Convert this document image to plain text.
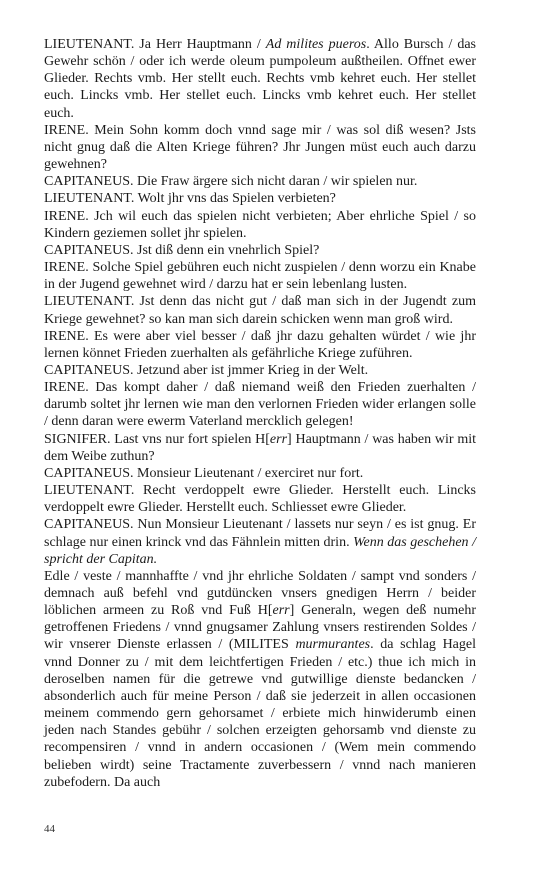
LIEUTENANT. Ja Herr Hauptmann / Ad milites pueros. Allo Bursch / das Gewehr schön / oder ich werde oleum pumpoleum außtheilen. Offnet ewer Glieder. Rechts vmb. Her stellt euch. Rechts vmb kehret euch. Her stellet euch. Lincks vmb. Her stellet euch. Lincks vmb kehret euch. Her stellet euch.

IRENE. Mein Sohn komm doch vnnd sage mir / was sol diß wesen? Jsts nicht gnug daß die Alten Kriege führen? Jhr Jungen müst euch auch darzu gewehnen?

CAPITANEUS. Die Fraw ärgere sich nicht daran / wir spielen nur.

LIEUTENANT. Wolt jhr vns das Spielen verbieten?

IRENE. Jch wil euch das spielen nicht verbieten; Aber ehrliche Spiel / so Kindern geziemen sollet jhr spielen.

CAPITANEUS. Jst diß denn ein vnehrlich Spiel?

IRENE. Solche Spiel gebühren euch nicht zuspielen / denn worzu ein Knabe in der Jugend gewehnet wird / darzu hat er sein lebenlang lusten.

LIEUTENANT. Jst denn das nicht gut / daß man sich in der Jugendt zum Kriege gewehnet? so kan man sich darein schicken wenn man groß wird.

IRENE. Es were aber viel besser / daß jhr dazu gehalten würdet / wie jhr lernen könnet Frieden zuerhalten als gefährliche Kriege zuführen.

CAPITANEUS. Jetzund aber ist jmmer Krieg in der Welt.

IRENE. Das kompt daher / daß niemand weiß den Frieden zuerhalten / darumb soltet jhr lernen wie man den verlornen Frieden wider erlangen solle / denn daran were ewerm Vaterland mercklich gelegen!

SIGNIFER. Last vns nur fort spielen H[err] Hauptmann / was haben wir mit dem Weibe zuthun?

CAPITANEUS. Monsieur Lieutenant / exerciret nur fort.

LIEUTENANT. Recht verdoppelt ewre Glieder. Herstellt euch. Lincks verdoppelt ewre Glieder. Herstellt euch. Schliesset ewre Glieder.

CAPITANEUS. Nun Monsieur Lieutenant / lassets nur seyn / es ist gnug. Er schlage nur einen krinck vnd das Fähnlein mitten drin. Wenn das geschehen / spricht der Capitan.

Edle / veste / mannhaffte / vnd jhr ehrliche Soldaten / sampt vnd sonders / demnach auß befehl vnd gutdüncken vnsers gnedigen Herrn / beider löblichen armeen zu Roß vnd Fuß H[err] Generaln, wegen deß numehr getroffenen Friedens / vnnd gnugsamer Zahlung vnsers restirenden Soldes / wir vnserer Dienste erlassen / (MILITES murmurantes. da schlag Hagel vnnd Donner zu / mit dem leichtfertigen Frieden / etc.) thue ich mich in deroselben namen für die getrewe vnd gutwillige dienste bedancken / absonderlich auch für meine Person / daß sie jederzeit in allen occasionen meinem commendo gern gehorsamet / erbiete mich hinwiderumb einen jeden nach Standes gebühr / solchen erzeigten gehorsamb vnd dienste zu recompensiren / vnnd in andern occasionen / (Wem mein commendo belieben wirdt) seine Tractamente zuverbessern / vnnd nach manieren zubefodern. Da auch

44
